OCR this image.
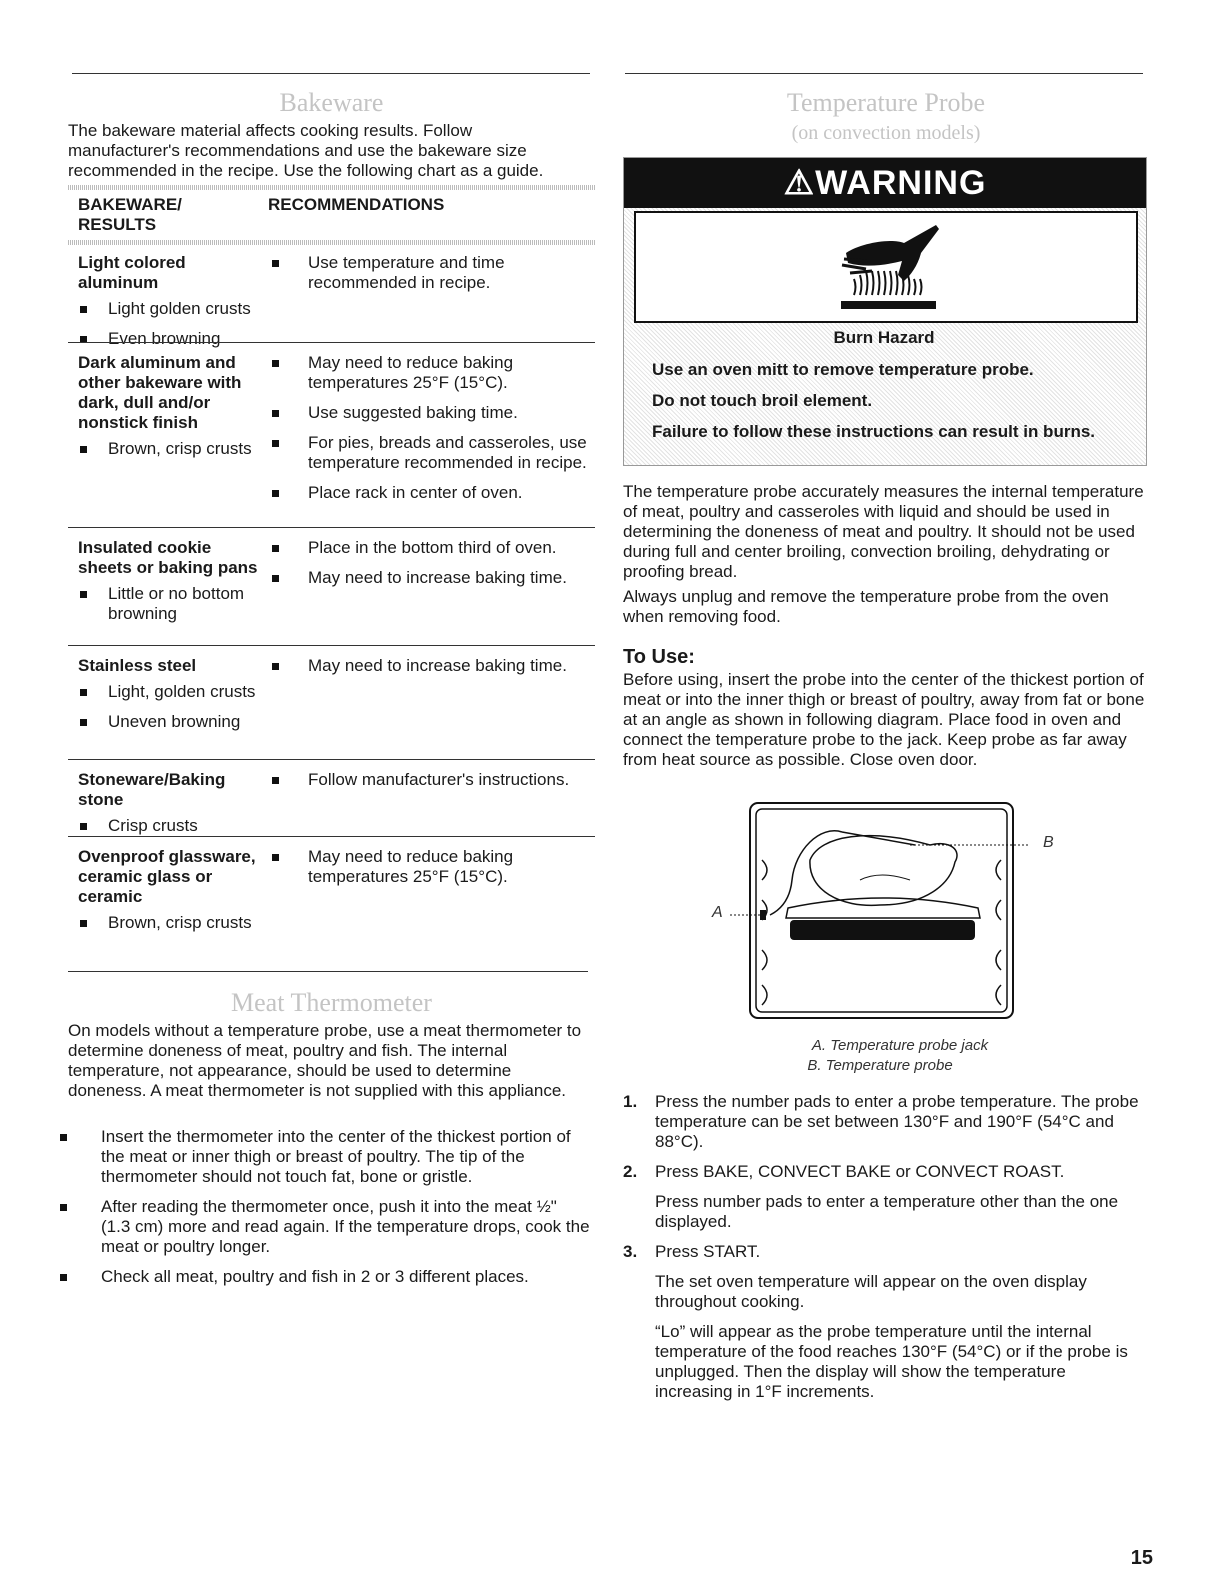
Bakeware

The bakeware material affects cooking results. Follow manufacturer's recommendations and use the bakeware size recommended in the recipe. Use the following chart as a guide.

BAKEWARE/ RESULTS
RECOMMENDATIONS
Light colored aluminum
Light golden crusts
Even browning
Use temperature and time recommended in recipe.
Dark aluminum and other bakeware with dark, dull and/or nonstick finish
Brown, crisp crusts
May need to reduce baking temperatures 25°F (15°C).
Use suggested baking time.
For pies, breads and casseroles, use temperature recommended in recipe.
Place rack in center of oven.
Insulated cookie sheets or baking pans
Little or no bottom browning
Place in the bottom third of oven.
May need to increase baking time.
Stainless steel
Light, golden crusts
Uneven browning
May need to increase baking time.
Stoneware/Baking stone
Crisp crusts
Follow manufacturer's instructions.
Ovenproof glassware, ceramic glass or ceramic
Brown, crisp crusts
May need to reduce baking temperatures 25°F (15°C).
Meat Thermometer

On models without a temperature probe, use a meat thermometer to determine doneness of meat, poultry and fish. The internal temperature, not appearance, should be used to determine doneness. A meat thermometer is not supplied with this appliance.

Insert the thermometer into the center of the thickest portion of the meat or inner thigh or breast of poultry. The tip of the thermometer should not touch fat, bone or gristle.
After reading the thermometer once, push it into the meat ½" (1.3 cm) more and read again. If the temperature drops, cook the meat or poultry longer.
Check all meat, poultry and fish in 2 or 3 different places.
Temperature Probe
(on convection models)
⚠WARNING
Burn Hazard
Use an oven mitt to remove temperature probe.
Do not touch broil element.
Failure to follow these instructions can result in burns.

The temperature probe accurately measures the internal temperature of meat, poultry and casseroles with liquid and should be used in determining the doneness of meat and poultry. It should not be used during full and center broiling, convection broiling, dehydrating or proofing bread.

Always unplug and remove the temperature probe from the oven when removing food.

To Use:

Before using, insert the probe into the center of the thickest portion of meat or into the inner thigh or breast of poultry, away from fat or bone at an angle as shown in following diagram. Place food in oven and connect the temperature probe to the jack. Keep probe as far away from heat source as possible. Close oven door.

A
B
A. Temperature probe jack
B. Temperature probe
1. Press the number pads to enter a probe temperature. The probe temperature can be set between 130°F and 190°F (54°C and 88°C).
2. Press BAKE, CONVECT BAKE or CONVECT ROAST.
Press number pads to enter a temperature other than the one displayed.
3. Press START.
The set oven temperature will appear on the oven display throughout cooking.
“Lo” will appear as the probe temperature until the internal temperature of the food reaches 130°F (54°C) or if the probe is unplugged. Then the display will show the temperature increasing in 1°F increments.
15
